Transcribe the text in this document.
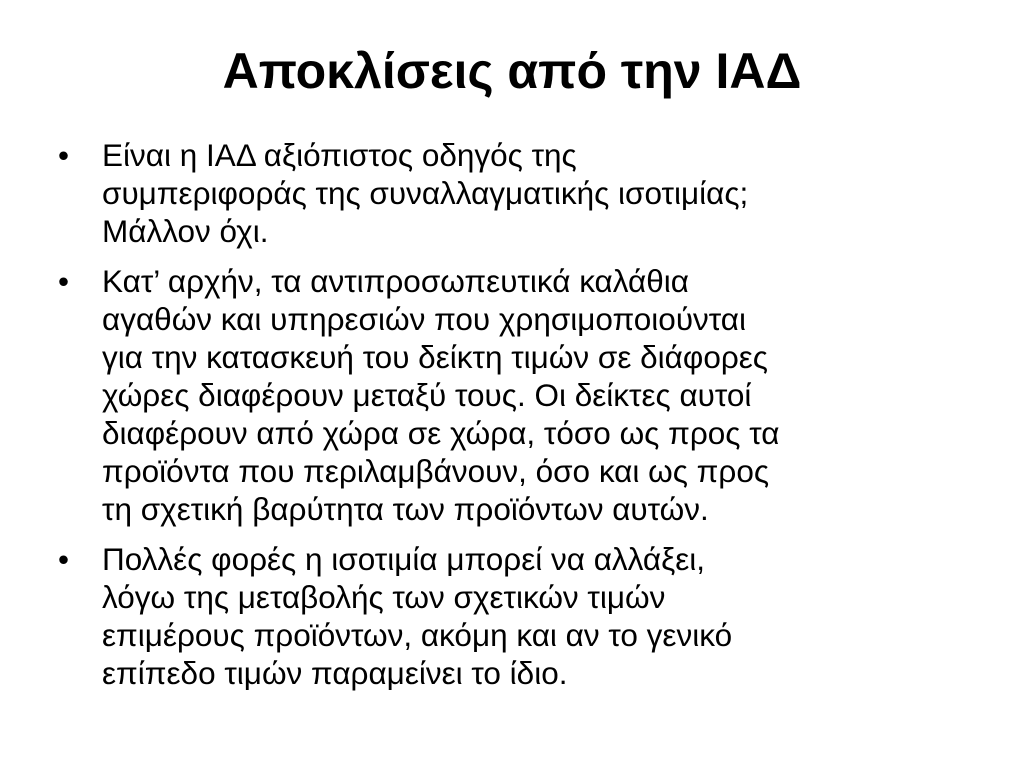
Αποκλίσεις από την ΙΑΔ
•	Είναι η ΙΑΔ αξιόπιστος οδηγός της
συμπεριφοράς της συναλλαγματικής ισοτιμίας;
Μάλλον όχι.
•	Κατ’ αρχήν, τα αντιπροσωπευτικά καλάθια
αγαθών και υπηρεσιών που χρησιμοποιούνται
για την κατασκευή του δείκτη τιμών σε διάφορες
χώρες διαφέρουν μεταξύ τους. Οι δείκτες αυτοί
διαφέρουν από χώρα σε χώρα, τόσο ως προς τα
προϊόντα που περιλαμβάνουν, όσο και ως προς
τη σχετική βαρύτητα των προϊόντων αυτών.
•	Πολλές φορές η ισοτιμία μπορεί να αλλάξει,
λόγω της μεταβολής των σχετικών τιμών
επιμέρους προϊόντων, ακόμη και αν το γενικό
επίπεδο τιμών παραμείνει το ίδιο.
